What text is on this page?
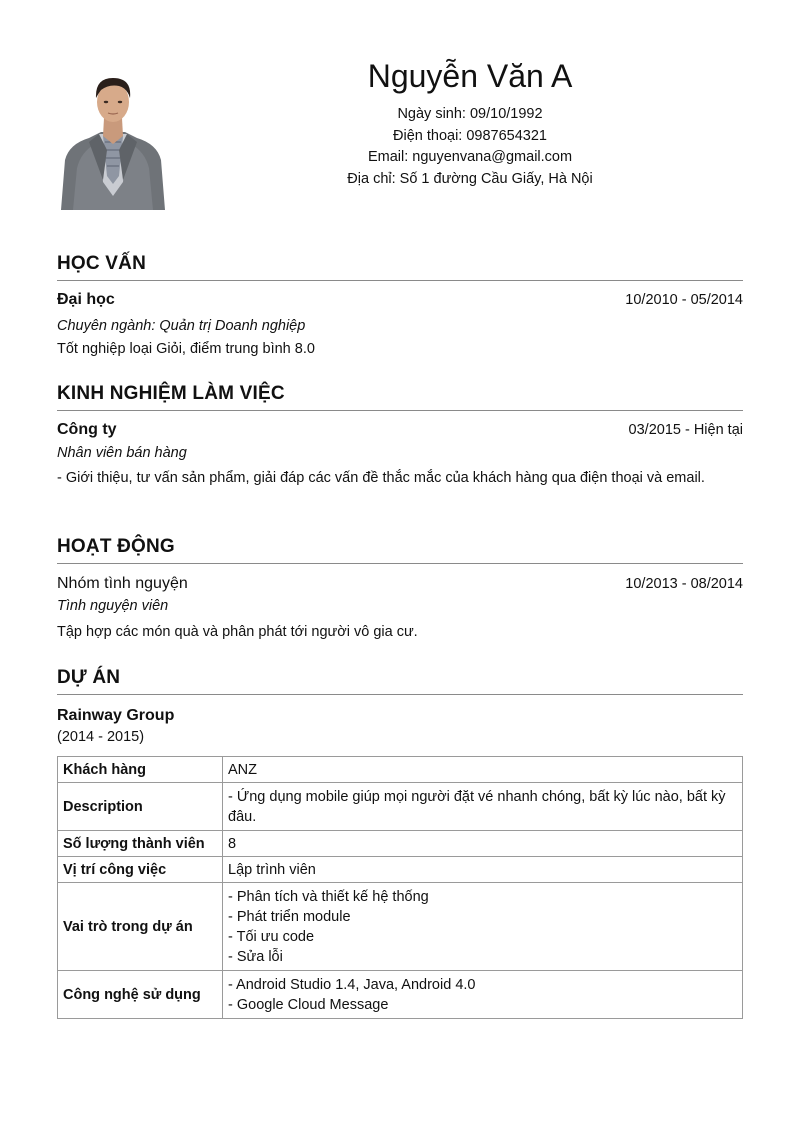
Nguyễn Văn A
Ngày sinh: 09/10/1992
Điện thoại: 0987654321
Email: nguyenvana@gmail.com
Địa chỉ: Số 1 đường Cầu Giấy, Hà Nội
HỌC VẤN
Đại học	10/2010 - 05/2014
Chuyên ngành: Quản trị Doanh nghiệp
Tốt nghiệp loại Giỏi, điểm trung bình 8.0
KINH NGHIỆM LÀM VIỆC
Công ty	03/2015 - Hiện tại
Nhân viên bán hàng
- Giới thiệu, tư vấn sản phẩm, giải đáp các vấn đề thắc mắc của khách hàng qua điện thoại và email.
HOẠT ĐỘNG
Nhóm tình nguyện	10/2013 - 08/2014
Tình nguyện viên
Tập hợp các món quà và phân phát tới người vô gia cư.
DỰ ÁN
Rainway Group
(2014 - 2015)
Khách hàng	ANZ

Description	- Ứng dụng mobile giúp mọi người đặt vé nhanh chóng, bất kỳ lúc nào, bất kỳ đâu.

Số lượng thành viên	8

Vị trí công việc	Lập trình viên

Vai trò trong dự án	- Phân tích và thiết kế hệ thống
- Phát triển module
- Tối ưu code
- Sửa lỗi

Công nghệ sử dụng	- Android Studio 1.4, Java, Android 4.0
- Google Cloud Message
